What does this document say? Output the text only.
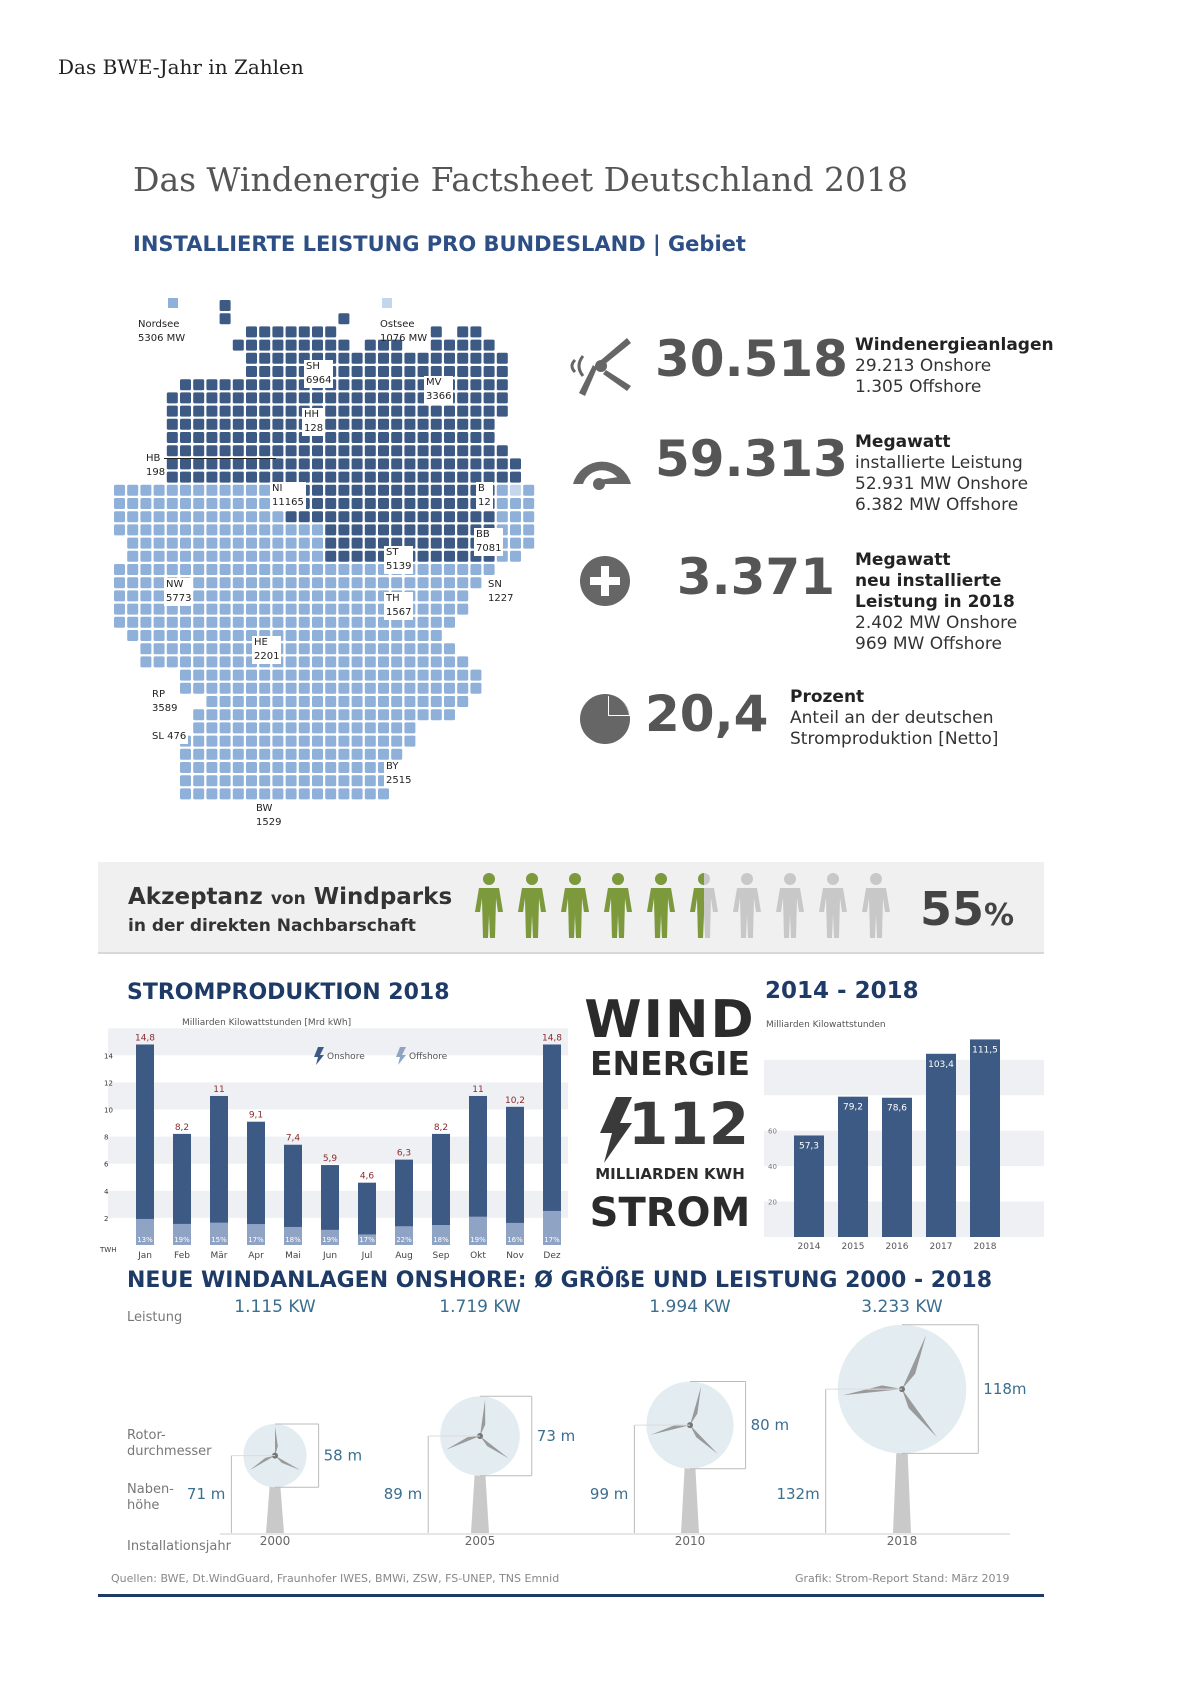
Das BWE-Jahr in Zahlen
Das Windenergie Factsheet Deutschland 2018
INSTALLIERTE LEISTUNG PRO BUNDESLAND | Gebiet
Nordsee
5306 MW
Ostsee
1076 MW
SH
6964	MV
3366
HH
128
HB
198
NI
11165
B
12
BB
7081
ST
5139
NW
5773
SN
1227
TH
1567
HE
2201
RP
3589
SL 476
BY
2515
BW
1529
30.518 Windenergieanlagen
29.213 Onshore
1.305 Offshore
59.313 Megawatt
installierte Leistung
52.931 MW Onshore
6.382 MW Offshore
3.371 Megawatt
neu installierte
Leistung in 2018
2.402 MW Onshore
969 MW Offshore
20,4 Prozent
Anteil an der deutschen
Stromproduktion [Netto]
Akzeptanz von Windparks
in der direkten Nachbarschaft	55%
STROMPRODUKTION 2018
2
4
6
8
10
12
14
TWH
Milliarden Kilowattstunden [Mrd kWh]
Onshore	Offshore
14,8
13%
Jan
8,2
19%
Feb
11
15%
Mär
9,1
17%
Apr
7,4
18%
Mai
5,9
19%
Jun
4,6
17%
Jul
6,3
22%
Aug
8,2
18%
Sep
11
19%
Okt
10,2
16%
Nov
14,8
17%
Dez
WIND
ENERGIE
112
MILLIARDEN KWH
STROM
2014 - 2018
Milliarden Kilowattstunden
20
40
60
57,3
2014
79,2
2015
78,6
2016
103,4
2017
111,5
2018
NEUE WINDANLAGEN ONSHORE: Ø GRÖßE UND LEISTUNG 2000 - 2018
Leistung
Rotor-
durchmesser
Naben-
höhe
Installationsjahr
1.115 KW
58 m
71 m
2000
1.719 KW
73 m
89 m
2005
1.994 KW
80 m
99 m
2010
3.233 KW
118m
132m
2018
Quellen: BWE, Dt.WindGuard, Fraunhofer IWES, BMWi, ZSW, FS-UNEP, TNS Emnid	Grafik: Strom-Report Stand: März 2019
